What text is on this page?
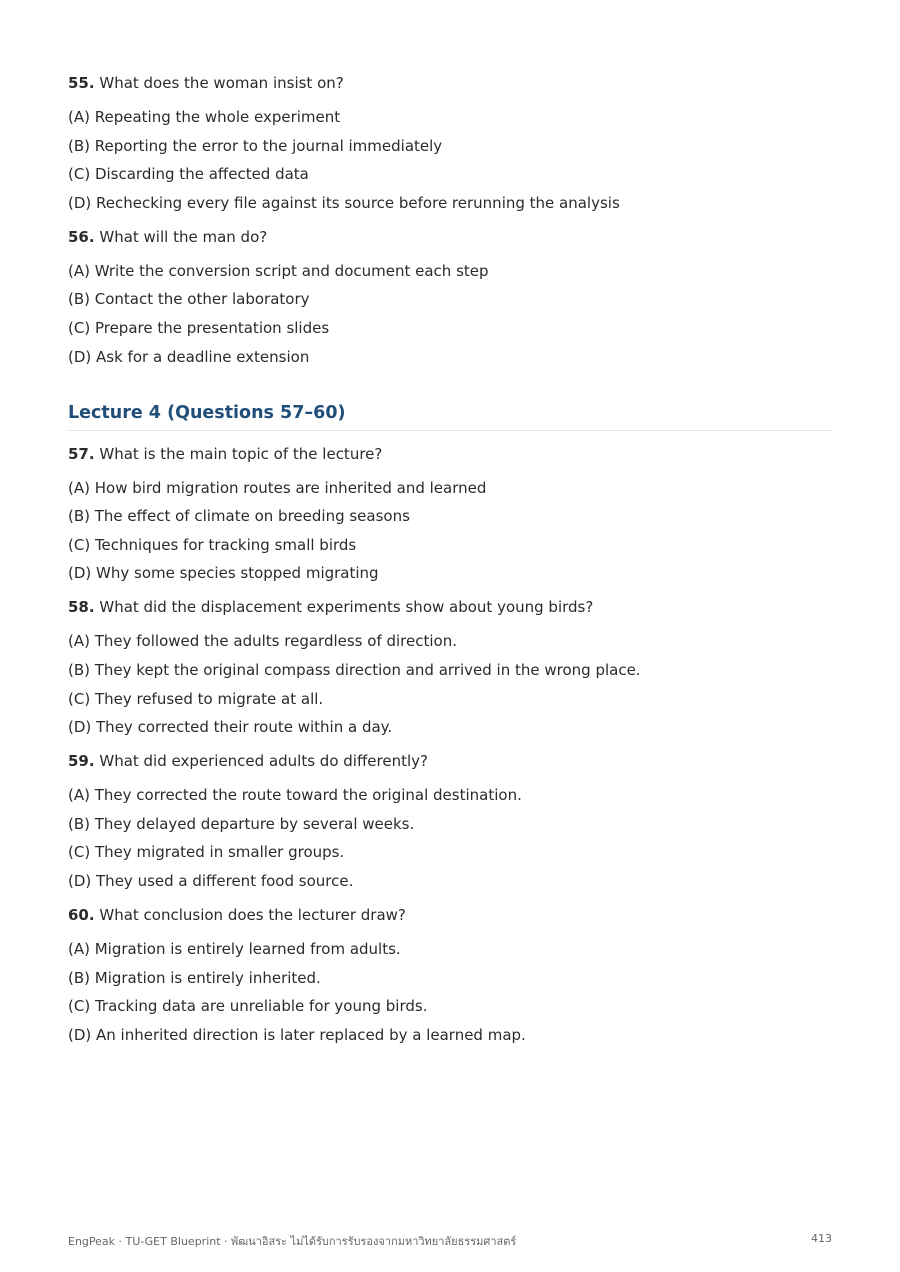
55. What does the woman insist on?
(A) Repeating the whole experiment
(B) Reporting the error to the journal immediately
(C) Discarding the affected data
(D) Rechecking every file against its source before rerunning the analysis
56. What will the man do?
(A) Write the conversion script and document each step
(B) Contact the other laboratory
(C) Prepare the presentation slides
(D) Ask for a deadline extension
Lecture 4 (Questions 57–60)
57. What is the main topic of the lecture?
(A) How bird migration routes are inherited and learned
(B) The effect of climate on breeding seasons
(C) Techniques for tracking small birds
(D) Why some species stopped migrating
58. What did the displacement experiments show about young birds?
(A) They followed the adults regardless of direction.
(B) They kept the original compass direction and arrived in the wrong place.
(C) They refused to migrate at all.
(D) They corrected their route within a day.
59. What did experienced adults do differently?
(A) They corrected the route toward the original destination.
(B) They delayed departure by several weeks.
(C) They migrated in smaller groups.
(D) They used a different food source.
60. What conclusion does the lecturer draw?
(A) Migration is entirely learned from adults.
(B) Migration is entirely inherited.
(C) Tracking data are unreliable for young birds.
(D) An inherited direction is later replaced by a learned map.
EngPeak · TU-GET Blueprint · พัฒนาอิสระ ไม่ได้รับการรับรองจากมหาวิทยาลัยธรรมศาสตร์	413
